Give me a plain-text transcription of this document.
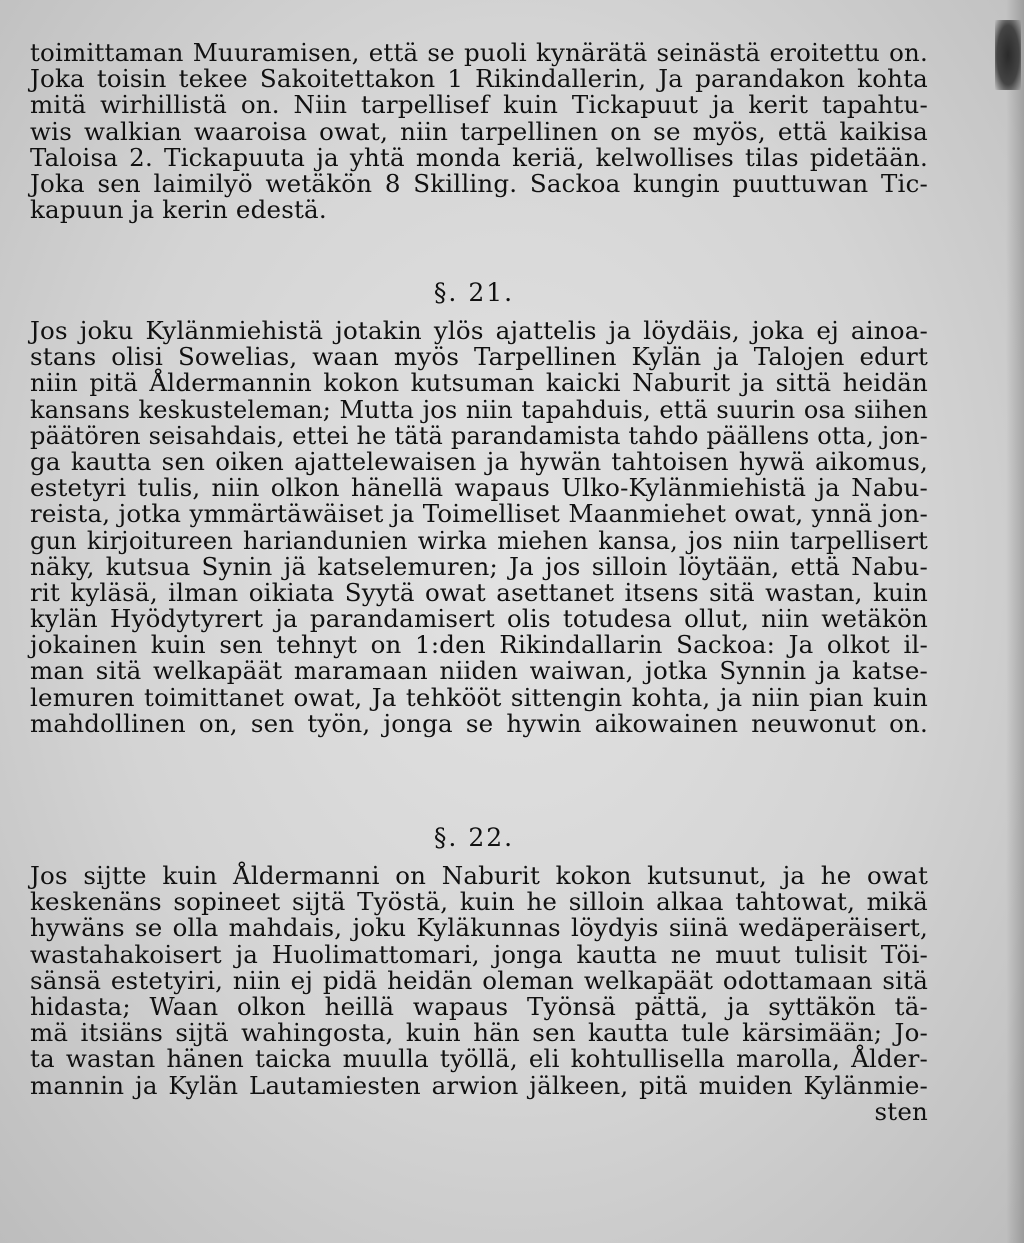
toimittaman Muuramisen, että se puoli kynärätä seinästä eroitettu on.
Joka toisin tekee Sakoitettakon 1 Rikindallerin, Ja parandakon kohta
mitä wirhillistä on. Niin tarpellisef kuin Tickapuut ja kerit tapahtu-
wis walkian waaroisa owat, niin tarpellinen on se myös, että kaikisa
Taloisa 2. Tickapuuta ja yhtä monda keriä, kelwollises tilas pidetään.
Joka sen laimilyö wetäkön 8 Skilling. Sackoa kungin puuttuwan Tic-
kapuun ja kerin edestä.
§. 21.
Jos joku Kylänmiehistä jotakin ylös ajattelis ja löydäis, joka ej ainoa-
stans olisi Sowelias, waan myös Tarpellinen Kylän ja Talojen edurt
niin pitä Åldermannin kokon kutsuman kaicki Naburit ja sittä heidän
kansans keskusteleman; Mutta jos niin tapahduis, että suurin osa siihen
päätören seisahdais, ettei he tätä parandamista tahdo päällens otta, jon-
ga kautta sen oiken ajattelewaisen ja hywän tahtoisen hywä aikomus,
estetyri tulis, niin olkon hänellä wapaus Ulko-Kylänmiehistä ja Nabu-
reista, jotka ymmärtäwäiset ja Toimelliset Maanmiehet owat, ynnä jon-
gun kirjoitureen hariandunien wirka miehen kansa, jos niin tarpellisert
näky, kutsua Synin jä katselemuren; Ja jos silloin löytään, että Nabu-
rit kyläsä, ilman oikiata Syytä owat asettanet itsens sitä wastan, kuin
kylän Hyödytyrert ja parandamisert olis totudesa ollut, niin wetäkön
jokainen kuin sen tehnyt on 1:den Rikindallarin Sackoa: Ja olkot il-
man sitä welkapäät maramaan niiden waiwan, jotka Synnin ja katse-
lemuren toimittanet owat, Ja tehkööt sittengin kohta, ja niin pian kuin
mahdollinen on, sen työn, jonga se hywin aikowainen neuwonut on.
§. 22.
Jos sijtte kuin Åldermanni on Naburit kokon kutsunut, ja he owat
keskenäns sopineet sijtä Työstä, kuin he silloin alkaa tahtowat, mikä
hywäns se olla mahdais, joku Kyläkunnas löydyis siinä wedäperäisert,
wastahakoisert ja Huolimattomari, jonga kautta ne muut tulisit Töi-
sänsä estetyiri, niin ej pidä heidän oleman welkapäät odottamaan sitä
hidasta; Waan olkon heillä wapaus Työnsä pättä, ja syttäkön tä-
mä itsiäns sijtä wahingosta, kuin hän sen kautta tule kärsimään; Jo-
ta wastan hänen taicka muulla työllä, eli kohtullisella marolla, Ålder-
mannin ja Kylän Lautamiesten arwion jälkeen, pitä muiden Kylänmie-
sten
